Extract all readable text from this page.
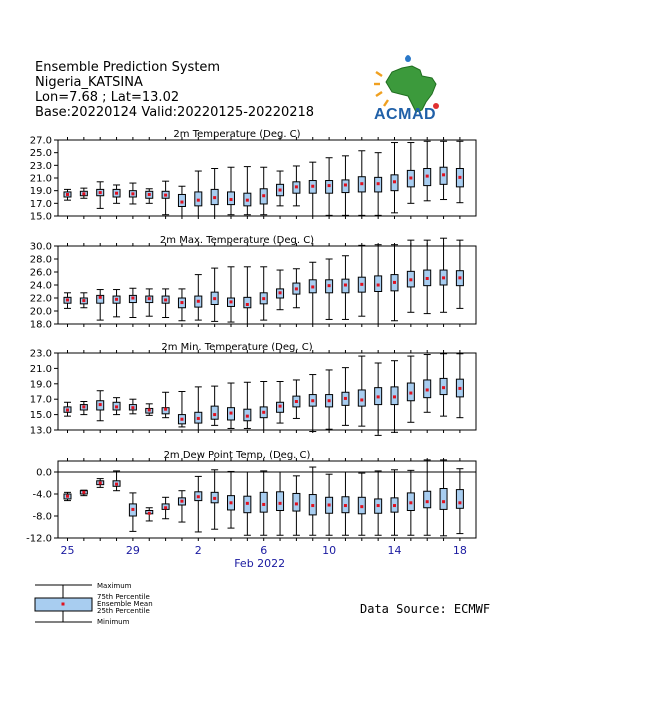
Ensemble Prediction System
Nigeria_KATSINA
Lon=7.68 ; Lat=13.02
Base:20220124 Valid:20220125-20220218	ACMAD
2m Temperature (Deg. C)
15.0
17.0
19.0
21.0
23.0
25.0
27.0
2m Max. Temperature (Deg. C)
18.0
20.0
22.0
24.0
26.0
28.0
30.0
2m Min. Temperature (Deg. C)
13.0
15.0
17.0
19.0
21.0
23.0
2m Dew Point Temp. (Deg. C)
-12.0
-8.0
-4.0
0.0
25	29	2	6	10	14	18
Feb 2022
Maximum
75th Percentile
Ensemble Mean
25th Percentile
Minimum
Data Source: ECMWF
